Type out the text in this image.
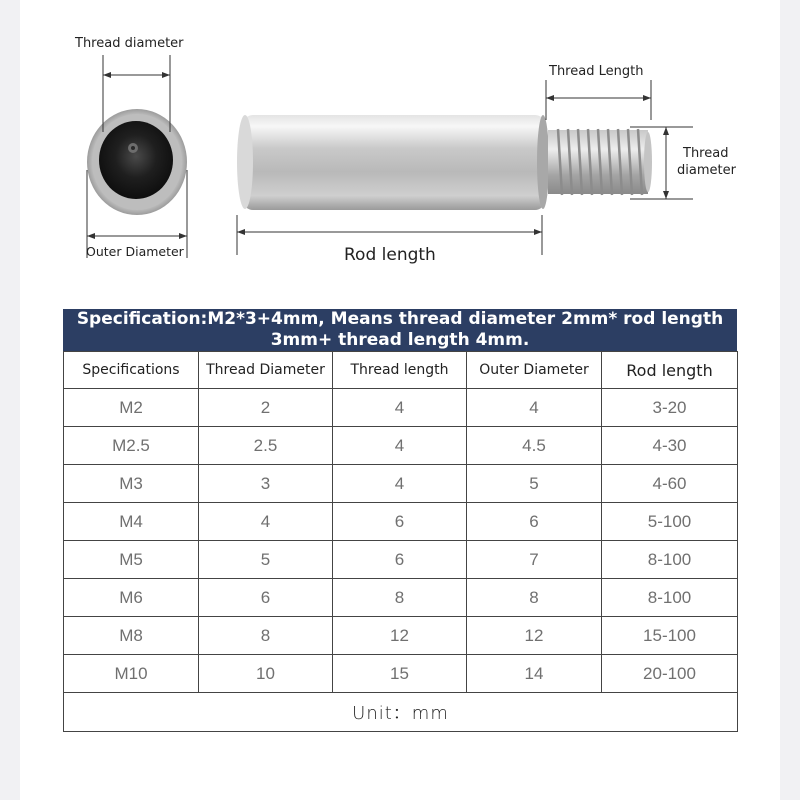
Thread diameter
Outer Diameter
Thread Length
Thread
diameter
Rod length
Specification:M2*3+4mm, Means thread diameter 2mm* rod length
3mm+ thread length 4mm.
Specifications	Thread Diameter	Thread length	Outer Diameter	Rod length
M2	2	4	4	3-20
M2.5	2.5	4	4.5	4-30
M3	3	4	5	4-60
M4	4	6	6	5-100
M5	5	6	7	8-100
M6	6	8	8	8-100
M8	8	12	12	15-100
M10	10	15	14	20-100
Unit：mm				
